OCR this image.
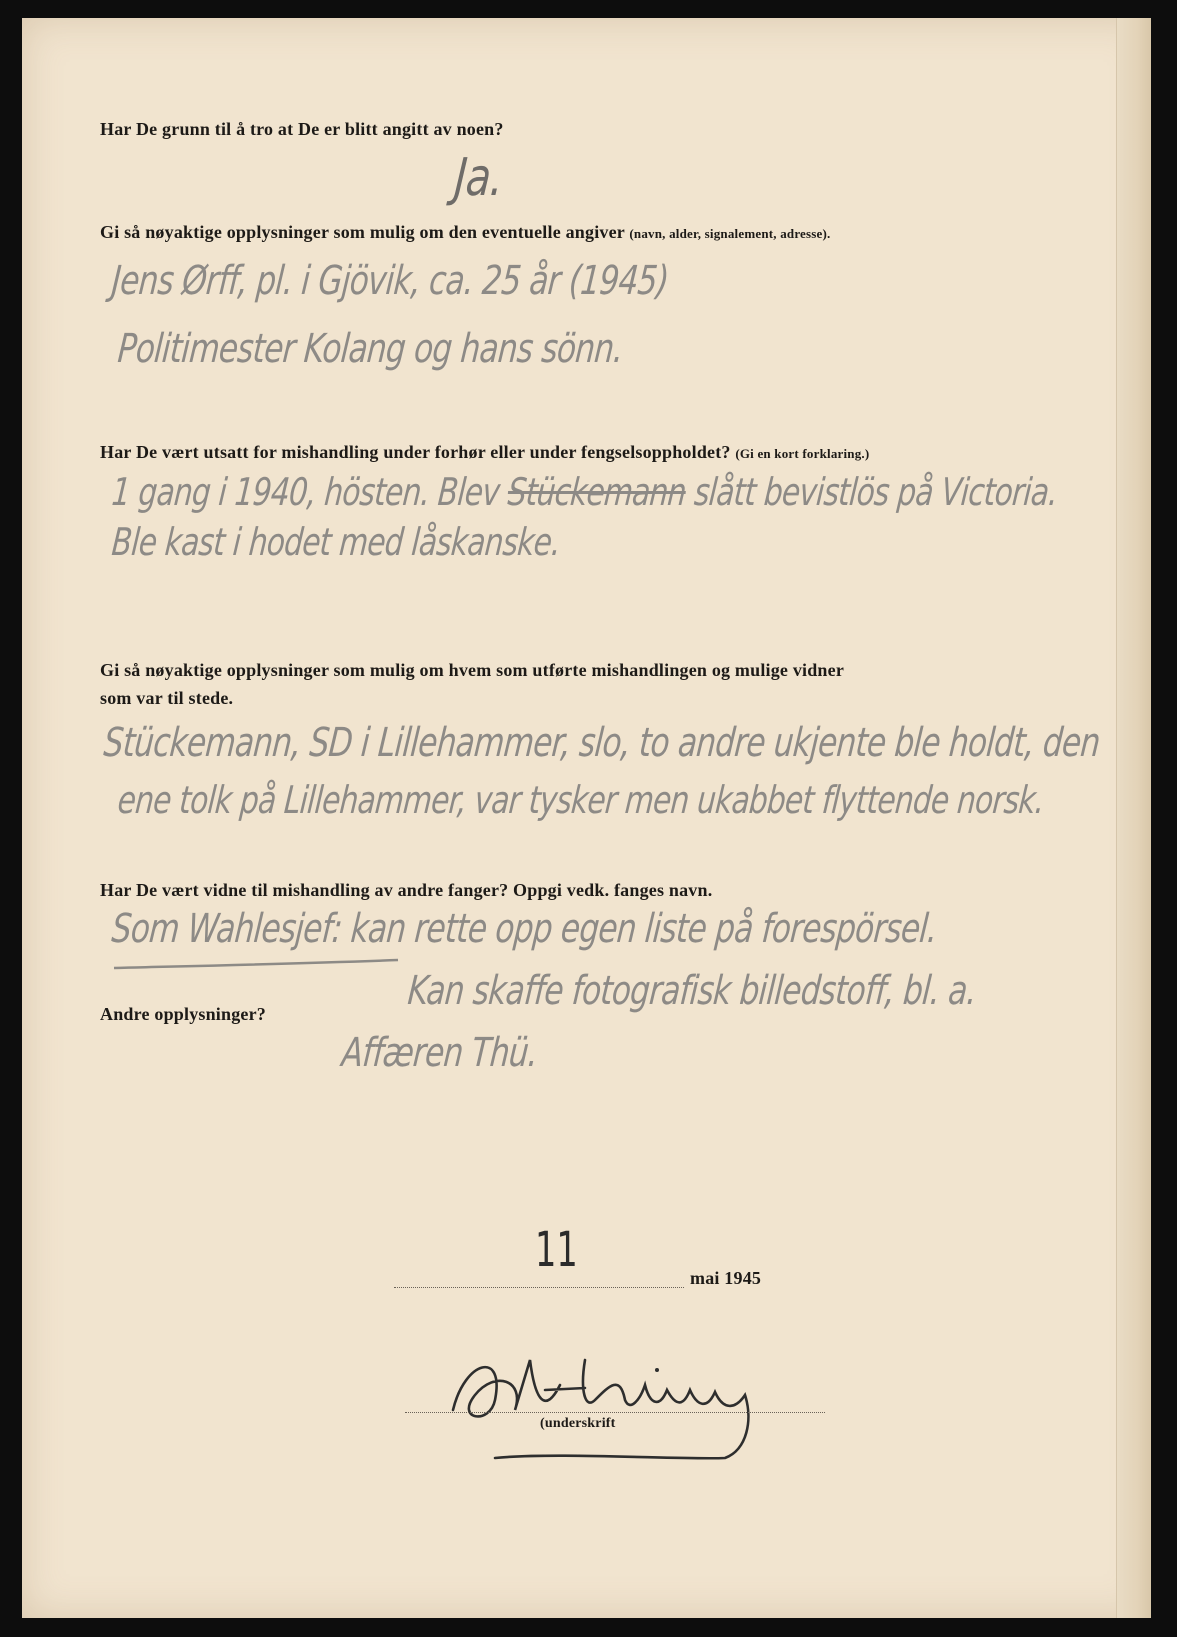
Har De grunn til å tro at De er blitt angitt av noen?
Ja.
Gi så nøyaktige opplysninger som mulig om den eventuelle angiver (navn, alder, signalement, adresse).
Jens Ørff, pl. i Gjövik, ca. 25 år (1945)
Politimester Kolang og hans sönn.
Har De vært utsatt for mishandling under forhør eller under fengselsoppholdet? (Gi en kort forklaring.)
1 gang i 1940, hösten. Blev Stückemann slått bevistlös på Victoria.
Ble kast i hodet med låskanske.
Gi så nøyaktige opplysninger som mulig om hvem som utførte mishandlingen og mulige vidner
som var til stede.
Stückemann, SD i Lillehammer, slo, to andre ukjente ble holdt, den
ene tolk på Lillehammer, var tysker men ukabbet flyttende norsk.
Har De vært vidne til mishandling av andre fanger? Oppgi vedk. fanges navn.
Som Wahlesjef: kan rette opp egen liste på forespörsel.
Andre opplysninger?	Kan skaffe fotografisk billedstoff, bl. a.
Affæren Thü.
11	mai 1945
(underskrift
